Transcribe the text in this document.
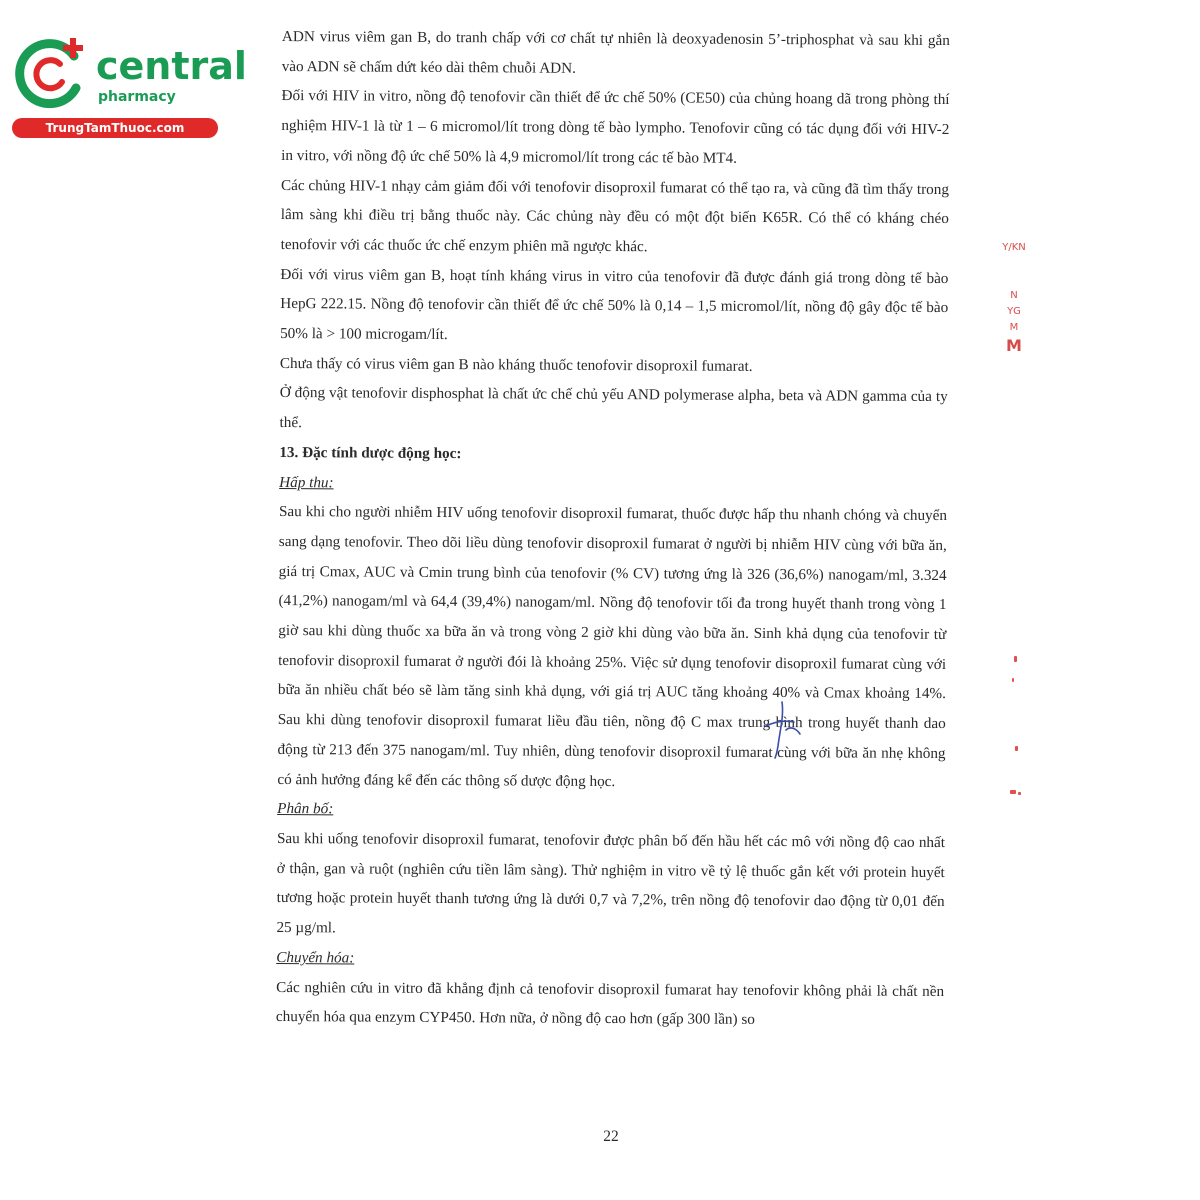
central
pharmacy
TrungTamThuoc.com

ADN virus viêm gan B, do tranh chấp với cơ chất tự nhiên là deoxyadenosin 5’-triphosphat và sau khi gắn vào ADN sẽ chấm dứt kéo dài thêm chuỗi ADN.

Đối với HIV in vitro, nồng độ tenofovir cần thiết để ức chế 50% (CE50) của chủng hoang dã trong phòng thí nghiệm HIV-1 là từ 1 – 6 micromol/lít trong dòng tế bào lympho. Tenofovir cũng có tác dụng đối với HIV-2 in vitro, với nồng độ ức chế 50% là 4,9 micromol/lít trong các tế bào MT4.

Các chủng HIV-1 nhạy cảm giảm đối với tenofovir disoproxil fumarat có thể tạo ra, và cũng đã tìm thấy trong lâm sàng khi điều trị bằng thuốc này. Các chủng này đều có một đột biến K65R. Có thể có kháng chéo tenofovir với các thuốc ức chế enzym phiên mã ngược khác.

Đối với virus viêm gan B, hoạt tính kháng virus in vitro của tenofovir đã được đánh giá trong dòng tế bào HepG 222.15. Nồng độ tenofovir cần thiết để ức chế 50% là 0,14 – 1,5 micromol/lít, nồng độ gây độc tế bào 50% là > 100 microgam/lít.

Chưa thấy có virus viêm gan B nào kháng thuốc tenofovir disoproxil fumarat.

Ở động vật tenofovir disphosphat là chất ức chế chủ yếu AND polymerase alpha, beta và ADN gamma của ty thể.

13. Đặc tính dược động học:

Hấp thu:

Sau khi cho người nhiễm HIV uống tenofovir disoproxil fumarat, thuốc được hấp thu nhanh chóng và chuyển sang dạng tenofovir. Theo dõi liều dùng tenofovir disoproxil fumarat ở người bị nhiễm HIV cùng với bữa ăn, giá trị Cmax, AUC và Cmin trung bình của tenofovir (% CV) tương ứng là 326 (36,6%) nanogam/ml, 3.324 (41,2%) nanogam/ml và 64,4 (39,4%) nanogam/ml. Nồng độ tenofovir tối đa trong huyết thanh trong vòng 1 giờ sau khi dùng thuốc xa bữa ăn và trong vòng 2 giờ khi dùng vào bữa ăn. Sinh khả dụng của tenofovir từ tenofovir disoproxil fumarat ở người đói là khoảng 25%. Việc sử dụng tenofovir disoproxil fumarat cùng với bữa ăn nhiều chất béo sẽ làm tăng sinh khả dụng, với giá trị AUC tăng khoảng 40% và Cmax khoảng 14%. Sau khi dùng tenofovir disoproxil fumarat liều đầu tiên, nồng độ C max trung bình trong huyết thanh dao động từ 213 đến 375 nanogam/ml. Tuy nhiên, dùng tenofovir disoproxil fumarat cùng với bữa ăn nhẹ không có ảnh hưởng đáng kể đến các thông số dược động học.

Phân bố:

Sau khi uống tenofovir disoproxil fumarat, tenofovir được phân bố đến hầu hết các mô với nồng độ cao nhất ở thận, gan và ruột (nghiên cứu tiền lâm sàng). Thử nghiệm in vitro về tỷ lệ thuốc gắn kết với protein huyết tương hoặc protein huyết thanh tương ứng là dưới 0,7 và 7,2%, trên nồng độ tenofovir dao động từ 0,01 đến 25 µg/ml.

Chuyển hóa:

Các nghiên cứu in vitro đã khẳng định cả tenofovir disoproxil fumarat hay tenofovir không phải là chất nền chuyển hóa qua enzym CYP450. Hơn nữa, ở nồng độ cao hơn (gấp 300 lần) so

22
Y/KN
N
YG
M
M
